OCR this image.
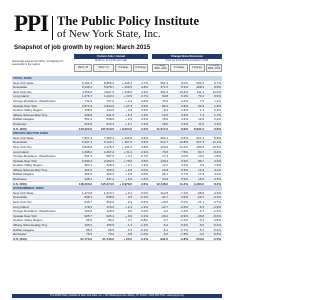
PPI The Public Policy Institute
of New York State, Inc.
Snapshot of job growth by region: March 2015
Seasonally adjusted (in 000s); not adjusted for seasonality in the regions
Current Jobs / Annual
Month vs. 12 months prior data
Change Since Recession
From low point (during recession) to 2015
March '15	March '14	# Change	% Change
# Change 2008 - 2015
% Change	# Change
% Change 2008 - 2015
TOTAL JOBS
New York State	9,101.2	8,856.2	+ 245.1	2.7%	551.3	6.0%	551.2	6.7%
Downstate	6,145.2	5,978.7	+ 166.5	2.8%	471.0	8.3%	498.3	8.8%
New York City	4,156.5	4,027.9	+ 128.6	3.2%	391.9	10.4%	411.4	11.0%
Long Island	1,276.7	1,243.2	+ 33.5	2.7%	63.8	5.3%	79.4	6.6%
Orange-Rockland - Westchester	711.9	707.6	+ 4.3	0.6%	15.3	2.2%	7.5	1.1%
Upstate New York	2,971.9	2,944.6	+ 27.3	0.9%	80.2	2.8%	52.9	1.8%
Hudson Valley Region	438.6	434.6	+ 4.0	0.9%	8.4	1.9%	1.1	0.3%
Albany-Schenectady-Troy	446.8	441.5	+ 5.3	1.2%	14.6	3.4%	7.4	1.7%
Buffalo-Niagara	551.4	548.9	+ 2.5	0.5%	18.9	3.5%	12.8	2.4%
Rochester	516.5	510.4	+ 6.1	1.2%	18.0	3.6%	11.9	2.4%
U.S. (000)	140,223.0	137,219.0	+ 3,004.0	2.2%	11,517.0	8.9%	8,631.0	6.6%
PRIVATE SECTOR JOBS
New York State	7,627.4	7,382.4	+ 245.0	3.3%	664.1	9.5%	617.1	8.8%
Downstate	5,297.1	5,130.1	+ 167.0	3.3%	514.7	10.8%	527.4	11.1%
New York City	3,606.8	3,475.3	+ 131.5	3.8%	420.9	13.2%	432.5	13.6%
Long Island	1,098.4	1,067.2	+ 31.2	2.9%	76.5	7.5%	84.7	8.4%
Orange-Rockland - Westchester	591.9	587.6	+ 4.3	0.7%	17.3	3.0%	10.2	1.8%
Upstate New York	2,330.3	2,252.3	+ 78.0	3.5%	149.4	6.9%	89.7	4.0%
Hudson Valley Region	353.1	348.4	+ 4.7	1.3%	12.1	3.5%	4.5	1.3%
Albany-Schenectady-Troy	341.6	335.0	+ 6.6	2.0%	20.8	6.5%	13.4	4.1%
Buffalo-Niagara	465.2	462.4	+ 2.8	0.6%	25.1	5.7%	17.9	4.0%
Rochester	438.1	431.2	+ 6.9	1.6%	24.6	5.9%	16.5	3.9%
U.S. (000)	118,453.0	115,474.0	+ 2,979.0	2.6%	12,148.0	11.4%	9,184.0	8.4%
GOVERNMENT JOBS
New York State	1,473.8	1,473.7	+ 0.1	0.0%	-112.8	-7.1%	-65.9	-4.3%
Downstate	848.1	848.6	- 0.5	-0.1%	-43.7	-4.9%	-29.1	-3.3%
New York City	549.7	552.6	- 2.9	-0.5%	-29.0	-5.0%	-21.1	-3.7%
Long Island	178.3	176.0	+ 2.3	1.3%	-12.7	-6.6%	-5.3	-2.9%
Orange-Rockland - Westchester	120.0	120.0	0.0	0.0%	-2.0	-1.6%	-2.7	-2.2%
Upstate New York	625.7	625.1	+ 0.6	0.1%	-69.1	-9.9%	-36.8	-5.6%
Hudson Valley Region	85.5	86.2	- 0.7	-0.8%	-3.7	-4.1%	-3.4	-3.8%
Albany-Schenectady-Troy	105.2	106.5	- 1.3	-1.2%	-6.2	-5.6%	-6.0	-5.4%
Buffalo-Niagara	86.2	86.5	- 0.3	-0.3%	-6.2	-6.7%	-5.1	-5.6%
Rochester	78.4	79.2	- 0.8	-1.0%	-6.6	-7.8%	-4.6	-5.5%
U.S. (000)	21,770.0	21,745.0	+ 25.0	0.1%	-631.0	-2.8%	-553.0	-2.5%
The Public Policy Institute of New York State, Inc. • 152 Washington Ave. Albany, NY 12210 • (518) 465-7511 • www.ppinys.org
